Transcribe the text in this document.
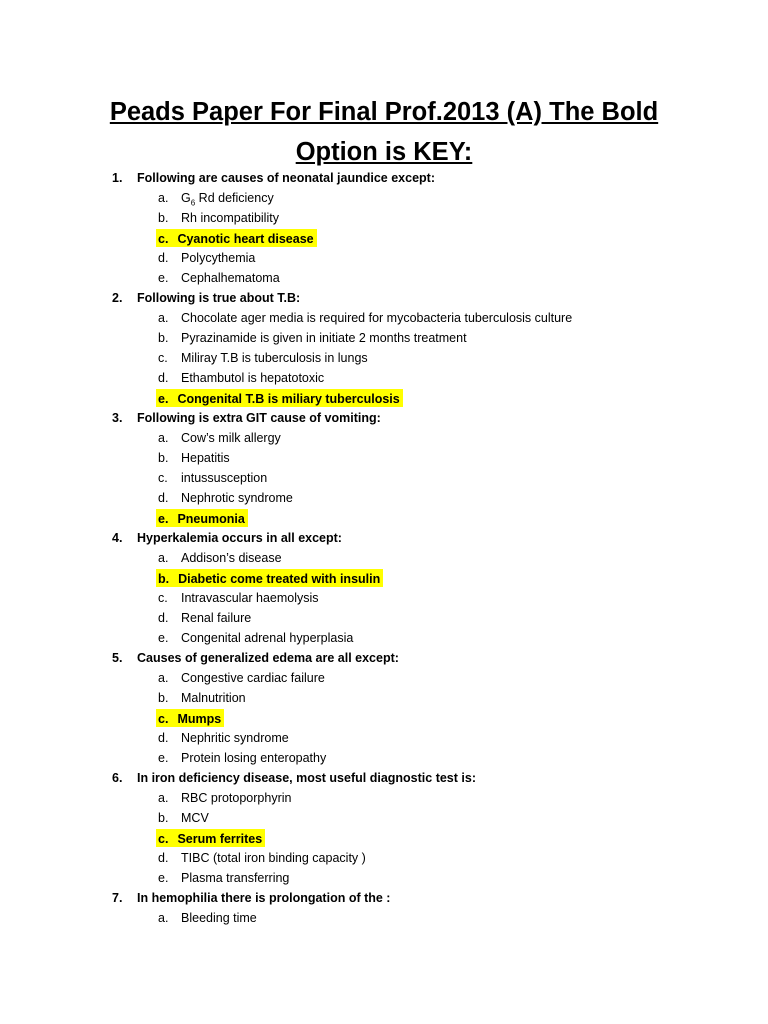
Peads Paper For Final Prof.2013 (A) The Bold
Option is KEY:
1. Following are causes of neonatal jaundice except:
a. $G_6$ Rd deficiency
b. Rh incompatibility
c. Cyanotic heart disease
d. Polycythemia
e. Cephalhematoma
2. Following is true about T.B:
a. Chocolate ager media is required for mycobacteria tuberculosis culture
b. Pyrazinamide is given in initiate 2 months treatment
c. Miliray T.B is tuberculosis in lungs
d. Ethambutol is hepatotoxic
e. Congenital T.B is miliary tuberculosis
3. Following is extra GIT cause of vomiting:
a. Cow’s milk allergy
b. Hepatitis
c. intussusception
d. Nephrotic syndrome
e. Pneumonia
4. Hyperkalemia occurs in all except:
a. Addison’s disease
b. Diabetic come treated with insulin
c. Intravascular haemolysis
d. Renal failure
e. Congenital adrenal hyperplasia
5. Causes of generalized edema are all except:
a. Congestive cardiac failure
b. Malnutrition
c. Mumps
d. Nephritic syndrome
e. Protein losing enteropathy
6. In iron deficiency disease, most useful diagnostic test is:
a. RBC protoporphyrin
b. MCV
c. Serum ferrites
d. TIBC (total iron binding capacity )
e. Plasma transferring
7. In hemophilia there is prolongation of the :
a. Bleeding time
